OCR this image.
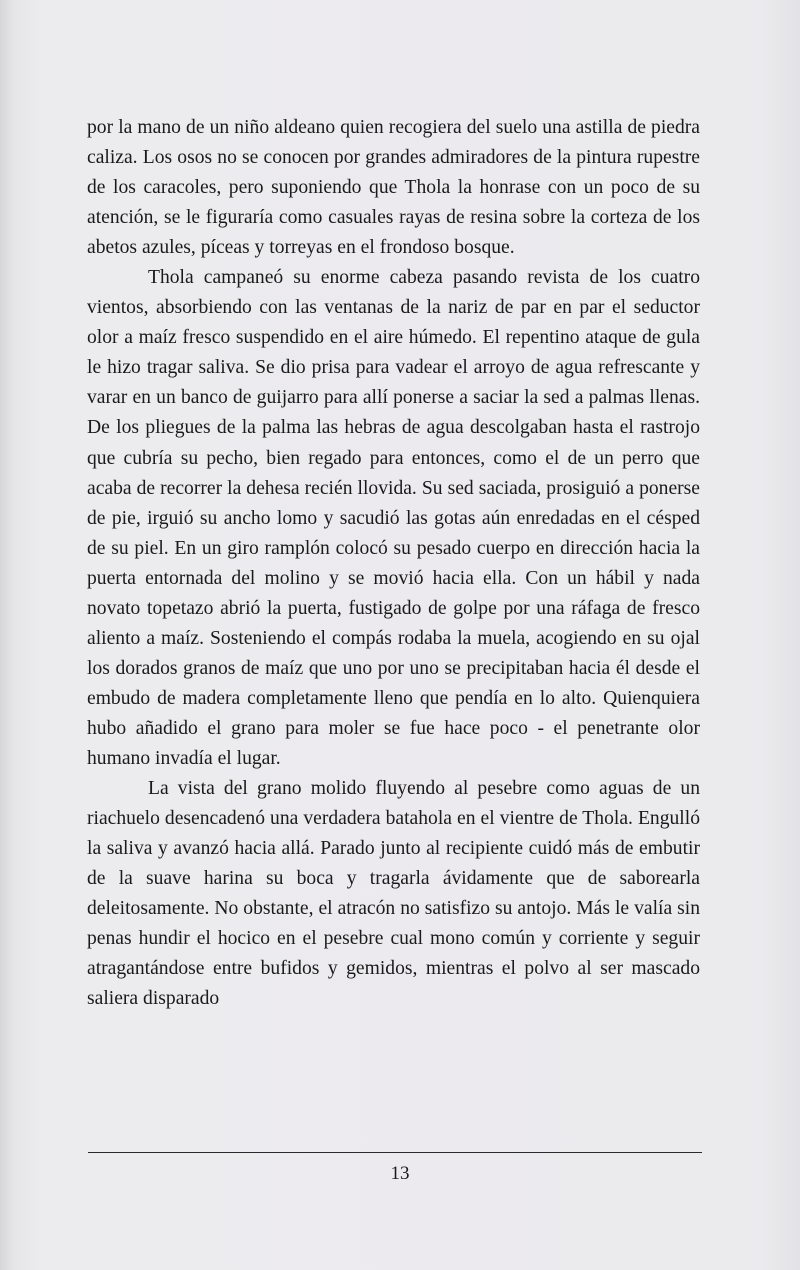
por la mano de un niño aldeano quien recogiera del suelo una astilla de piedra caliza. Los osos no se conocen por grandes admiradores de la pintura rupestre de los caracoles, pero suponiendo que Thola la honrase con un poco de su atención, se le figuraría como casuales rayas de resina sobre la corteza de los abetos azules, píceas y torreyas en el frondoso bosque.

Thola campaneó su enorme cabeza pasando revista de los cuatro vientos, absorbiendo con las ventanas de la nariz de par en par el seductor olor a maíz fresco suspendido en el aire húmedo. El repentino ataque de gula le hizo tragar saliva. Se dio prisa para vadear el arroyo de agua refrescante y varar en un banco de guijarro para allí ponerse a saciar la sed a palmas llenas. De los pliegues de la palma las hebras de agua descolgaban hasta el rastrojo que cubría su pecho, bien regado para entonces, como el de un perro que acaba de recorrer la dehesa recién llovida. Su sed saciada, prosiguió a ponerse de pie, irguió su ancho lomo y sacudió las gotas aún enredadas en el césped de su piel. En un giro ramplón colocó su pesado cuerpo en dirección hacia la puerta entornada del molino y se movió hacia ella. Con un hábil y nada novato topetazo abrió la puerta, fustigado de golpe por una ráfaga de fresco aliento a maíz. Sosteniendo el compás rodaba la muela, acogiendo en su ojal los dorados granos de maíz que uno por uno se precipitaban hacia él desde el embudo de madera completamente lleno que pendía en lo alto. Quienquiera hubo añadido el grano para moler se fue hace poco - el penetrante olor humano invadía el lugar.

La vista del grano molido fluyendo al pesebre como aguas de un riachuelo desencadenó una verdadera batahola en el vientre de Thola. Engulló la saliva y avanzó hacia allá. Parado junto al recipiente cuidó más de embutir de la suave harina su boca y tragarla ávidamente que de saborearla deleitosamente. No obstante, el atracón no satisfizo su antojo. Más le valía sin penas hundir el hocico en el pesebre cual mono común y corriente y seguir atragantándose entre bufidos y gemidos, mientras el polvo al ser mascado saliera disparado

13
